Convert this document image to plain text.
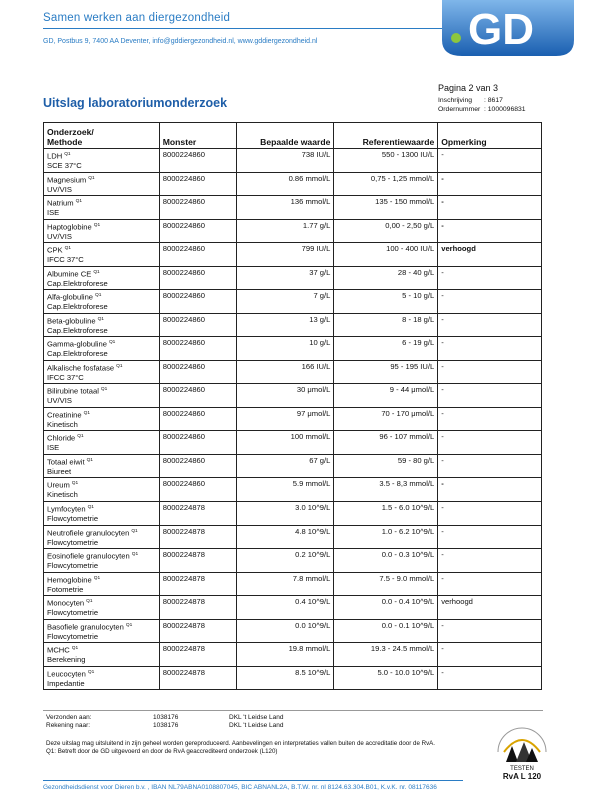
Samen werken aan diergezondheid
GD, Postbus 9, 7400 AA Deventer, info@gddiergezondheid.nl, www.gddiergezondheid.nl	GD
Uitslag laboratoriumonderzoek
Pagina 2 van 3
Inschrijving : 8617
Ordernummer : 1000096831
Onderzoek/
Methode	Monster	Bepaalde waarde	Referentiewaarde	Opmerking
LDH $^{Q1}$
SCE 37°C	8000224860	738 IU/L	550 - 1300 IU/L	-
Magnesium $^{Q1}$
UV/VIS	8000224860	0.86 mmol/L	0,75 - 1,25 mmol/L	-
Natrium $^{Q1}$
ISE	8000224860	136 mmol/L	135 - 150 mmol/L	-
Haptoglobine $^{Q1}$
UV/VIS	8000224860	1.77 g/L	0,00 - 2,50 g/L	-
CPK $^{Q1}$
IFCC 37°C	8000224860	799 IU/L	100 - 400 IU/L	verhoogd
Albumine CE $^{Q1}$
Cap.Elektroforese	8000224860	37 g/L	28 - 40 g/L	-
Alfa-globuline $^{Q1}$
Cap.Elektroforese	8000224860	7 g/L	5 - 10 g/L	-
Beta-globuline $^{Q1}$
Cap.Elektroforese	8000224860	13 g/L	8 - 18 g/L	-
Gamma-globuline $^{Q1}$
Cap.Elektroforese	8000224860	10 g/L	6 - 19 g/L	-
Alkalische fosfatase $^{Q1}$
IFCC 37°C	8000224860	166 IU/L	95 - 195 IU/L	-
Bilirubine totaal $^{Q1}$
UV/VIS	8000224860	30 μmol/L	9 - 44 μmol/L	-
Creatinine $^{Q1}$
Kinetisch	8000224860	97 μmol/L	70 - 170 μmol/L	-
Chloride $^{Q1}$
ISE	8000224860	100 mmol/L	96 - 107 mmol/L	-
Totaal eiwit $^{Q1}$
Biureet	8000224860	67 g/L	59 - 80 g/L	-
Ureum $^{Q1}$
Kinetisch	8000224860	5.9 mmol/L	3.5 - 8,3 mmol/L	-
Lymfocyten $^{Q1}$
Flowcytometrie	8000224878	3.0 10^9/L	1.5 - 6.0 10^9/L	-
Neutrofiele granulocyten $^{Q1}$
Flowcytometrie	8000224878	4.8 10^9/L	1.0 - 6.2 10^9/L	-
Eosinofiele granulocyten $^{Q1}$
Flowcytometrie	8000224878	0.2 10^9/L	0.0 - 0.3 10^9/L	-
Hemoglobine $^{Q1}$
Fotometrie	8000224878	7.8 mmol/L	7.5 - 9.0 mmol/L	-
Monocyten $^{Q1}$
Flowcytometrie	8000224878	0.4 10^9/L	0.0 - 0.4 10^9/L	verhoogd
Basofiele granulocyten $^{Q1}$
Flowcytometrie	8000224878	0.0 10^9/L	0.0 - 0.1 10^9/L	-
MCHC $^{Q1}$
Berekening	8000224878	19.8 mmol/L	19.3 - 24.5 mmol/L	-
Leucocyten $^{Q1}$
Impedantie	8000224878	8.5 10^9/L	5.0 - 10.0 10^9/L	-
Verzonden aan:	1038176	DKL 't Leidse Land
Rekening naar:	1038176	DKL 't Leidse Land
Deze uitslag mag uitsluitend in zijn geheel worden gereproduceerd. Aanbevelingen en interpretaties vallen buiten de accreditatie door de RvA.
Q1: Betreft door de GD uitgevoerd en door de RvA geaccrediteerd onderzoek (L120)
TESTEN
RvA L 120
Gezondheidsdienst voor Dieren b.v. , IBAN NL79ABNA0108807045, BIC ABNANL2A, B.T.W. nr. nl 8124.63.304.B01, K.v.K. nr. 08117636
